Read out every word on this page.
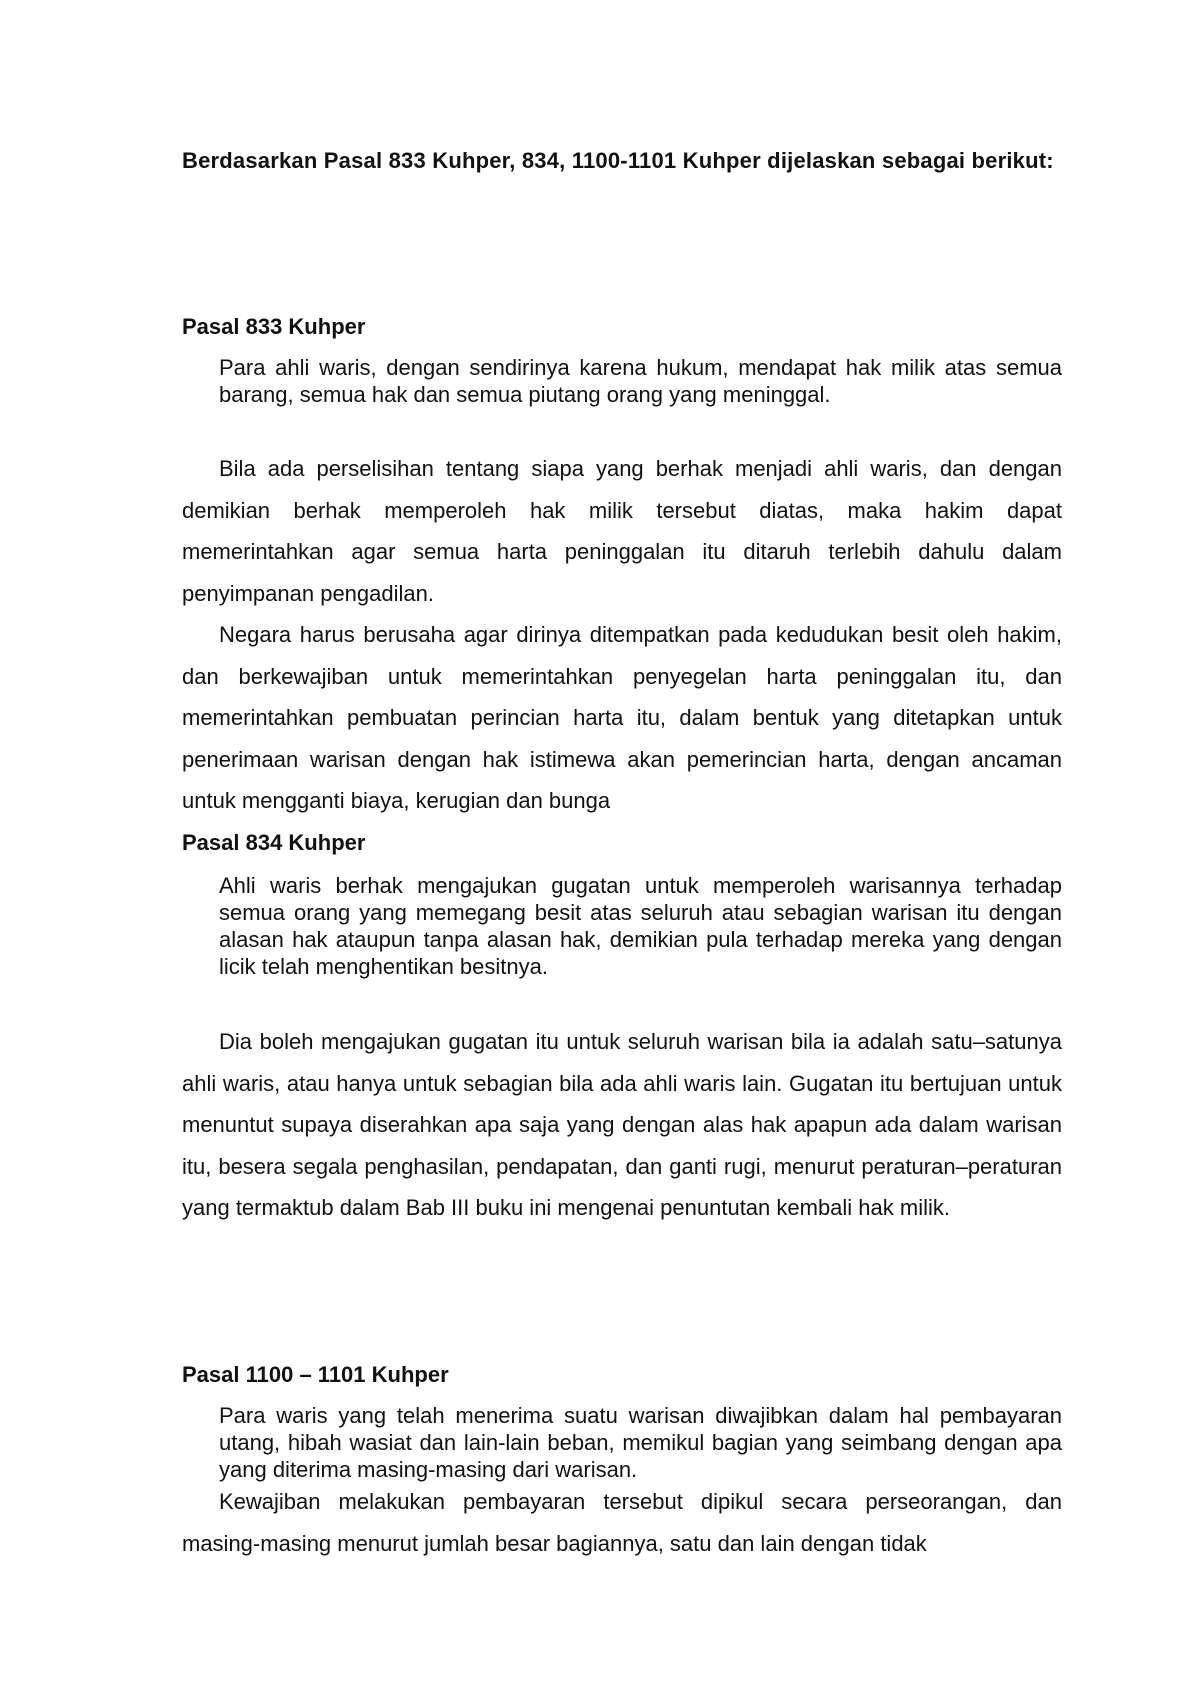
Berdasarkan Pasal 833 Kuhper, 834, 1100-1101 Kuhper dijelaskan sebagai berikut:
Pasal 833 Kuhper

Para ahli waris, dengan sendirinya karena hukum, mendapat hak milik atas semua barang, semua hak dan semua piutang orang yang meninggal.

Bila ada perselisihan tentang siapa yang berhak menjadi ahli waris, dan dengan demikian berhak memperoleh hak milik tersebut diatas, maka hakim dapat memerintahkan agar semua harta peninggalan itu ditaruh terlebih dahulu dalam penyimpanan pengadilan.

Negara harus berusaha agar dirinya ditempatkan pada kedudukan besit oleh hakim, dan berkewajiban untuk memerintahkan penyegelan harta peninggalan itu, dan memerintahkan pembuatan perincian harta itu, dalam bentuk yang ditetapkan untuk penerimaan warisan dengan hak istimewa akan pemerincian harta, dengan ancaman untuk mengganti biaya, kerugian dan bunga

Pasal 834 Kuhper

Ahli waris berhak mengajukan gugatan untuk memperoleh warisannya terhadap semua orang yang memegang besit atas seluruh atau sebagian warisan itu dengan alasan hak ataupun tanpa alasan hak, demikian pula terhadap mereka yang dengan licik telah menghentikan besitnya.

Dia boleh mengajukan gugatan itu untuk seluruh warisan bila ia adalah satu–satunya ahli waris, atau hanya untuk sebagian bila ada ahli waris lain. Gugatan itu bertujuan untuk menuntut supaya diserahkan apa saja yang dengan alas hak apapun ada dalam warisan itu, besera segala penghasilan, pendapatan, dan ganti rugi, menurut peraturan–peraturan yang termaktub dalam Bab III buku ini mengenai penuntutan kembali hak milik.

Pasal 1100 – 1101 Kuhper

Para waris yang telah menerima suatu warisan diwajibkan dalam hal pembayaran utang, hibah wasiat dan lain-lain beban, memikul bagian yang seimbang dengan apa yang diterima masing-masing dari warisan.

Kewajiban melakukan pembayaran tersebut dipikul secara perseorangan, dan masing-masing menurut jumlah besar bagiannya, satu dan lain dengan tidak
